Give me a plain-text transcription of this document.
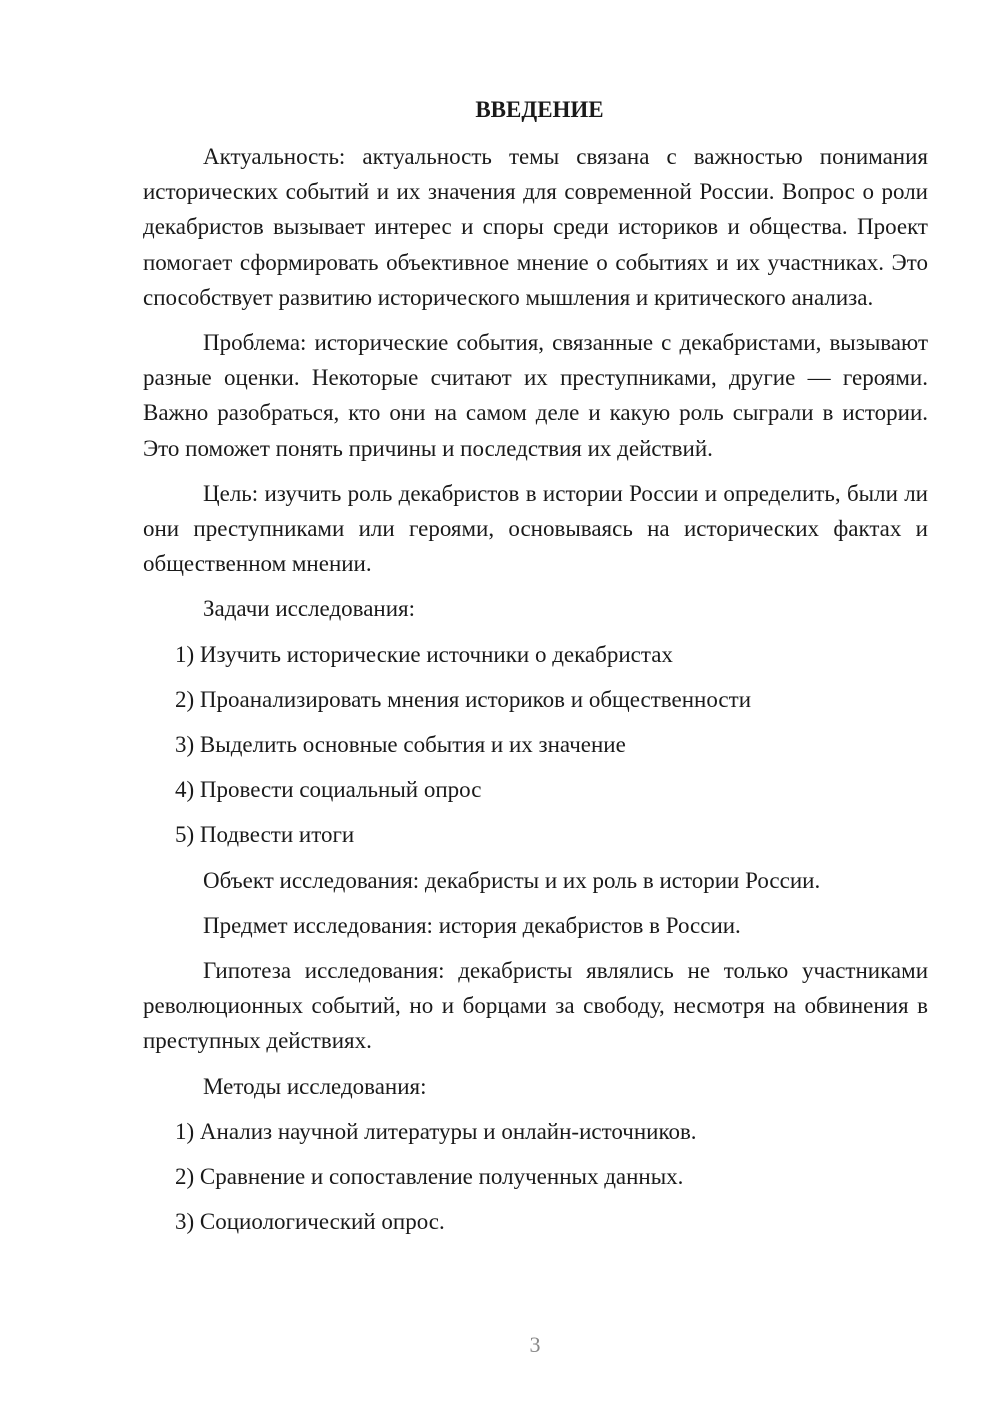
ВВЕДЕНИЕ

Актуальность: актуальность темы связана с важностью понимания исторических событий и их значения для современной России. Вопрос о роли декабристов вызывает интерес и споры среди историков и общества. Проект помогает сформировать объективное мнение о событиях и их участниках. Это способствует развитию исторического мышления и критического анализа.

Проблема: исторические события, связанные с декабристами, вызывают разные оценки. Некоторые считают их преступниками, другие — героями. Важно разобраться, кто они на самом деле и какую роль сыграли в истории. Это поможет понять причины и последствия их действий.

Цель: изучить роль декабристов в истории России и определить, были ли они преступниками или героями, основываясь на исторических фактах и общественном мнении.

Задачи исследования:
1) Изучить исторические источники о декабристах
2) Проанализировать мнения историков и общественности
3) Выделить основные события и их значение
4) Провести социальный опрос
5) Подвести итоги
Объект исследования: декабристы и их роль в истории России.
Предмет исследования: история декабристов в России.

Гипотеза исследования: декабристы являлись не только участниками революционных событий, но и борцами за свободу, несмотря на обвинения в преступных действиях.

Методы исследования:
1) Анализ научной литературы и онлайн-источников.
2) Сравнение и сопоставление полученных данных.
3) Социологический опрос.
3
